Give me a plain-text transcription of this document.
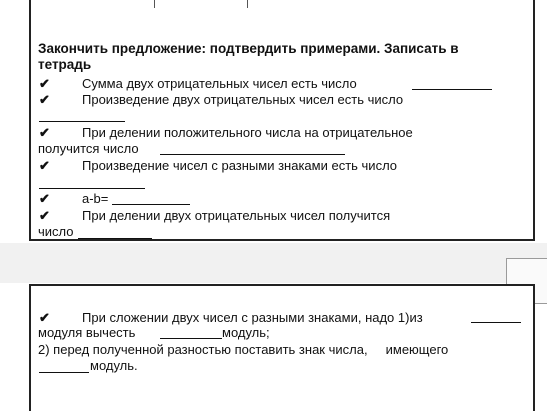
Закончить предложение: подтвердить примерами. Записать в
тетрадь
✔ Сумма двух отрицательных чисел есть число
✔ Произведение двух отрицательных чисел есть число
✔ При делении положительного числа на отрицательное
получится число
✔ Произведение чисел с разными знаками есть число
✔ a-b=
✔ При делении двух отрицательных чисел получится
число
✔ При сложении двух чисел с разными знаками, надо 1)из
модуля вычесть	модуль;
2) перед полученной разностью поставить знак числа,     имеющего
модуль.
